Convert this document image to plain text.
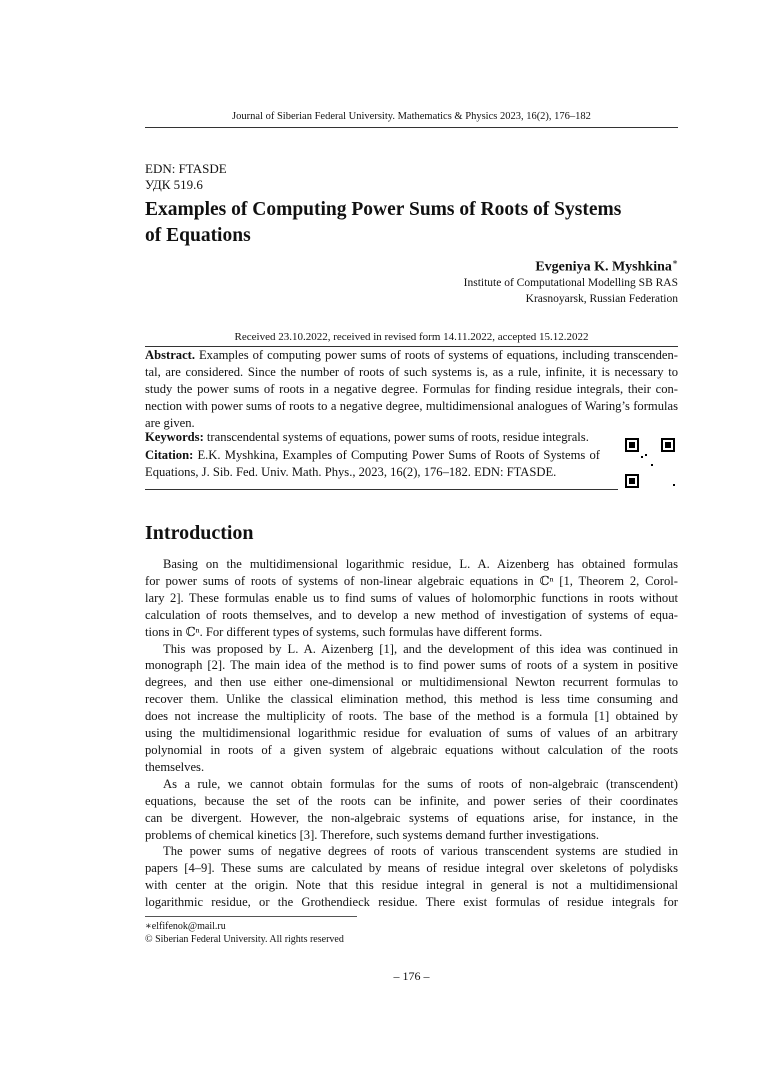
Journal of Siberian Federal University. Mathematics & Physics 2023, 16(2), 176–182
EDN: FTASDE
УДК 519.6
Examples of Computing Power Sums of Roots of Systems
of Equations
Evgeniya K. Myshkina∗
Institute of Computational Modelling SB RAS
Krasnoyarsk, Russian Federation
Received 23.10.2022, received in revised form 14.11.2022, accepted 15.12.2022
Abstract. Examples of computing power sums of roots of systems of equations, including transcenden-
tal, are considered. Since the number of roots of such systems is, as a rule, infinite, it is necessary to
study the power sums of roots in a negative degree. Formulas for finding residue integrals, their con-
nection with power sums of roots to a negative degree, multidimensional analogues of Waring’s formulas
are given.
Keywords: transcendental systems of equations, power sums of roots, residue integrals.
Citation: E.K. Myshkina, Examples of Computing Power Sums of Roots of Systems of
Equations, J. Sib. Fed. Univ. Math. Phys., 2023, 16(2), 176–182. EDN: FTASDE.
Introduction
Basing on the multidimensional logarithmic residue, L. A. Aizenberg has obtained formulas
for power sums of roots of systems of non-linear algebraic equations in ℂⁿ [1, Theorem 2, Corol-
lary 2]. These formulas enable us to find sums of values of holomorphic functions in roots without
calculation of roots themselves, and to develop a new method of investigation of systems of equa-
tions in ℂⁿ. For different types of systems, such formulas have different forms.
This was proposed by L. A. Aizenberg [1], and the development of this idea was continued in
monograph [2]. The main idea of the method is to find power sums of roots of a system in positive
degrees, and then use either one-dimensional or multidimensional Newton recurrent formulas to
recover them. Unlike the classical elimination method, this method is less time consuming and
does not increase the multiplicity of roots. The base of the method is a formula [1] obtained by
using the multidimensional logarithmic residue for evaluation of sums of values of an arbitrary
polynomial in roots of a given system of algebraic equations without calculation of the roots
themselves.
As a rule, we cannot obtain formulas for the sums of roots of non-algebraic (transcendent)
equations, because the set of the roots can be infinite, and power series of their coordinates
can be divergent. However, the non-algebraic systems of equations arise, for instance, in the
problems of chemical kinetics [3]. Therefore, such systems demand further investigations.
The power sums of negative degrees of roots of various transcendent systems are studied in
papers [4–9]. These sums are calculated by means of residue integral over skeletons of polydisks
with center at the origin. Note that this residue integral in general is not a multidimensional
logarithmic residue, or the Grothendieck residue. There exist formulas of residue integrals for
∗elfifenok@mail.ru
© Siberian Federal University. All rights reserved
– 176 –
